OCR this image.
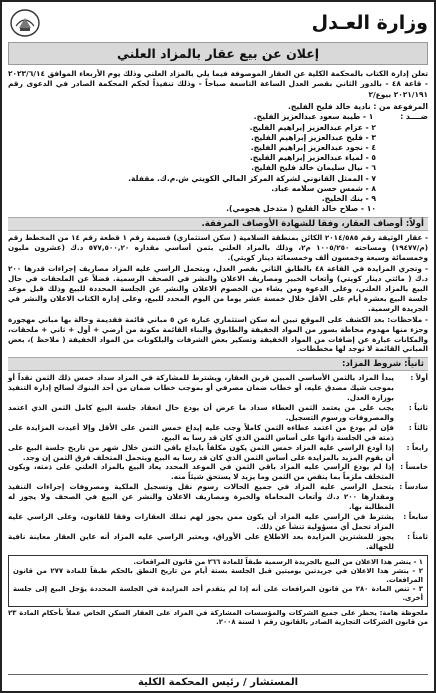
وزارة العـدل
إعلان عن بيع عقار بالمزاد العلني
تعلن إدارة الكتاب بالمحكمة الكلية عن العقار الموصوفة فيما يلي بالمزاد العلني وذلك يوم الأربعاء الموافق ٢٠٢٣/٦/١٤ - قاعة ٤٨ - بالدور الثاني بقصر العدل الساعة التاسعة صباحاً - وذلك تنفيذاً لحكم المحكمة الصادر في الدعوى رقم ٢٠٢١/١٩١ بيوع/٢
المرفوعة من : نادية خالد فليح الفليج.
ضــــد : ١ - طيبة سعود عبدالعزيز الفليج.
٢ - عزام عبدالعزيز إبراهيم الفليج.
٣ - فليح عبدالعزيز إبراهيم الفليج.
٤ - نجود عبدالعزيز إبراهيم الفليج.
٥ - لمياء عبدالعزيز إبراهيم الفليج.
٦ - نيال سليمان خالد فليح الفليج.
٧ - الممثل القانوني لشركة المركز المالي الكويتي ش.م.ك. مقفلة.
٨ - شمس حسن سلامه عباد.
٩ - بنك الخليج.
١٠ - صلاح خالد الفليج ( متدخل هجومي).
أولاً: أوصاف العقار، وفقا للشهادة الأوصاف المرفقة.
- عقار الوثيقة رقم ٢٠١٤/٥٨٥ الكائن بمنطقة السلامية ( سكن استثماري) قسيمة رقم ١ قطعة رقم ١٤ من المخطط رقم (م/١٩٤٧٧) ومساحته ١٠٠٥/٢٥٠ م٢، وذلك بالمزاد العلني بثمن أساسي مقداره ٥٧٧,٥٠٠,٢٠ د.ك (عشرون مليون وخمسمائة وسبعة وخمسون ألف وخمسمائة دينار كويتي).
- وتجري المزايدة في القاعة ٤٨ بالطابق الثاني بقصر العدل، ويتحمل الراسي عليه المزاد مصاريف إجراءات قدرها ٢٠٠ د.ك ( مائتي دينار كويتي) وأتعاب الخبير ومصاريف الاعلان والنشر في الصحف الرسمية. فضلاً عن الملحقات في حال البيع بالمزاد العلني، وعلى الدعوة ومن يشاء من الخصوم الاعلان والنشر عن الجلسة المحددة للبيع وذلك قبل موعد جلسة البيع بعشرة أيام على الأقل خلال خمسة عشر يوما من اليوم المحدد للبيع، وعلى إدارة الكتاب الاعلان والنشر في الجريدة الرسمية.
- ملاحظات: بعد الكشف على الموقع تبين أنه سكن استثماري عبارة عن ٥ مباني قائمة فقديمة وحالة بها مباني مهجورة وجزء منها مهدوم محاطة بسور من المواد الخفيفة والطابوق والبناء القائمة مكونة من أرضي + أول + ثاني + ملحقات، والمكانات عبارة عن إضافات من المواد الخفيفة وتسكير بعض الشرفات والبلكونات من المواد الخفيفة ( ملاحظ )، بعض المباني القائمة لا توجد لها مخططات.
ثانياً: شروط المزاد:
أولاً :
يبدأ المزاد بالثمن الأساسي المبين قرين العقار، ويشترط للمشاركة في المزاد سداد خمس ذلك الثمن نقداً أو بموجب شيك مصدق عليه، أو خطاب ضمان مصرفي أو بموجب خطاب ضمان من أحد البنوك لصالح إدارة التنفيذ بوزارة العدل.
ثانياً :
يجب على من يعتمد الثمن العطاء سداد ما عرض أن يودع حال انعقاد جلسة البيع كامل الثمن الذي اعتمد والمصروفات ورسوم التسجيل.
ثالثاً :
فإن لم يودع من اعتمد عطاءه الثمن كاملاً وجب عليه إيداع خمس الثمن على الأقل وإلا أعيدت المزايدة على ذمته في الجلسة ذاتها على أساس الثمن الذي كان قد رسا به البيع.
رابعاً :
إذا أودع الراسي عليه المزاد خمس الثمن يكون مكلفاً بايداع باقي الثمن خلال شهر من تاريخ جلسة البيع على أن يقوم المزيد بالمزايدة على أساس الثمن الذي كان قد رسا به البيع ويتحمل المتخلف فرق الثمن إن وجد.
خامساً :
إذا لم يودع الراسي عليه المزاد باقي الثمن في الموعد المحدد يعاد البيع بالمزاد العلني على ذمته، ويكون المتخلف ملزماً بما ينقص من الثمن وما يزيد لا يستحق شيئاً منه.
سادساً :
يتحمل الراسي عليه المزاد في جميع الحالات رسوم نقل وتسجيل الملكية ومصروفات إجراءات التنفيذ ومقدارها ٢٠٠ د.ك وأتعاب المحاماة والخبرة ومصاريف الاعلان والنشر عن البيع في الصحف ولا يجوز له المطالبة بها.
سابعاً :
يشترط في الراسي عليه المزاد أن يكون ممن يجوز لهم تملك العقارات وفقا للقانون، وعلى الراسي عليه المزاد تحمل أي مسؤولية تنشأ عن ذلك.
ثامناً :
يجوز للمشترين المزايدة بعد الاطلاع على الأوراق، ويعتبر الراسي عليه المزاد أنه عاين العقار معاينة نافية للجهالة.
١ - ينشر هذا الاعلان من البيع بالجريدة الرسمية طبقاً للمادة ٢٦٦ من قانون المرافعات.
٢ - ينشر هذا الاعلان في جريدتين يوميتين قبل الجلسة بستة أيام من تاريخ النطق بالحكم طبقاً للمادة ٢٧٧ من قانون المرافعات.
٣ - تنص المادة ٢٨٠ من قانون المرافعات على أنه إذا لم يتقدم أحد المزايدة في الجلسة المحددة يؤجل البيع إلى جلسة أخرى.
ملحوظة هامة: يحظر على جميع الشركات والمؤسسات المشاركة في المزاد على العقار السكن الخاص عملاً بأحكام المادة ٢٣ من قانون الشركات التجارية الصادر بالقانون رقم ١ لسنة ٢٠٠٨.
المستشار / رئيس المحكمة الكلية
